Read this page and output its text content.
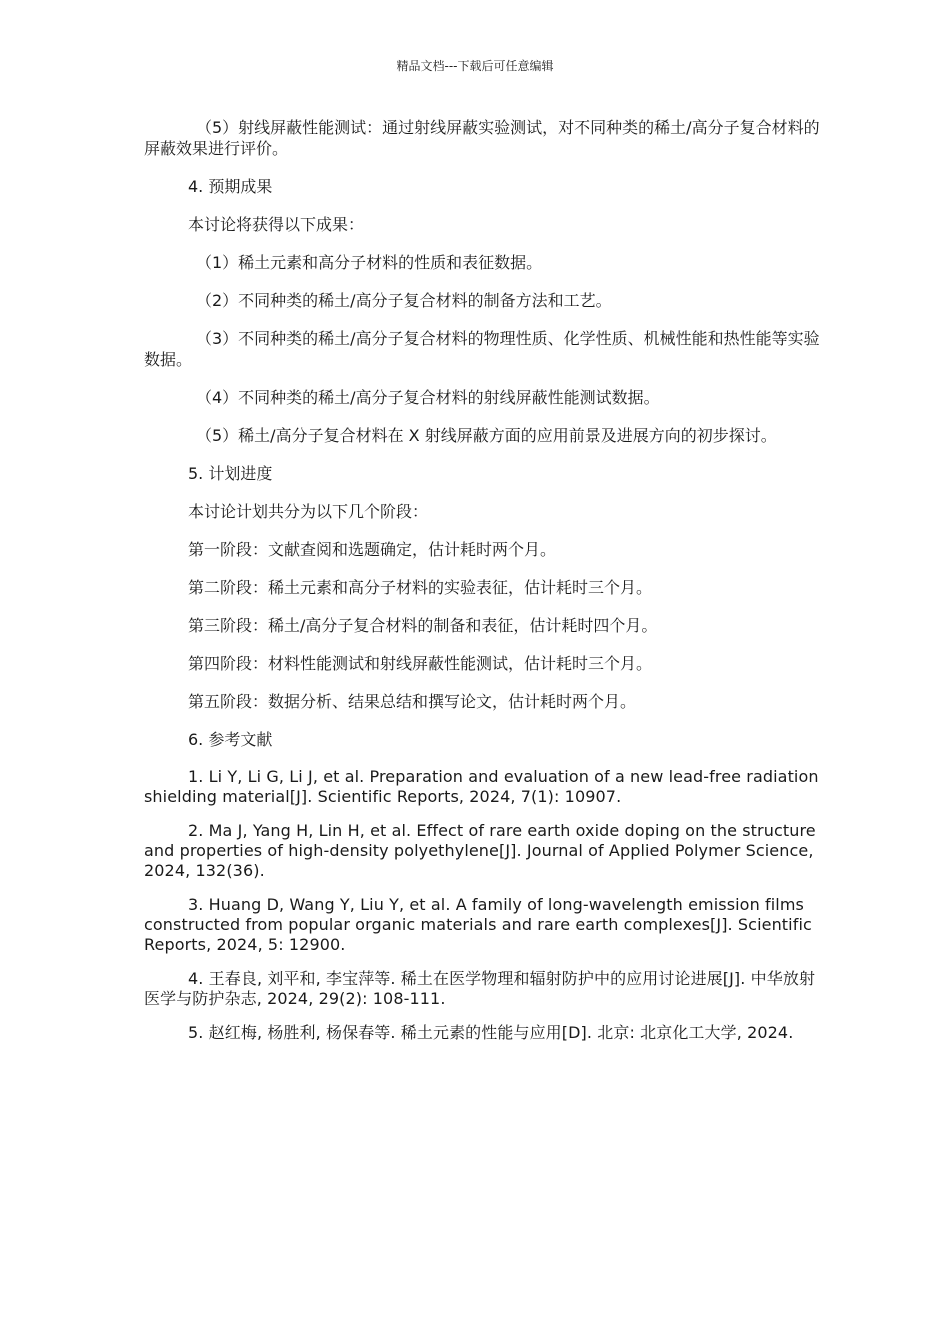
精品文档---下载后可任意编辑

（5）射线屏蔽性能测试：通过射线屏蔽实验测试，对不同种类的稀土/高分子复合材料的屏蔽效果进行评价。

4. 预期成果

本讨论将获得以下成果：

（1）稀土元素和高分子材料的性质和表征数据。

（2）不同种类的稀土/高分子复合材料的制备方法和工艺。

（3）不同种类的稀土/高分子复合材料的物理性质、化学性质、机械性能和热性能等实验数据。

（4）不同种类的稀土/高分子复合材料的射线屏蔽性能测试数据。

（5）稀土/高分子复合材料在 X 射线屏蔽方面的应用前景及进展方向的初步探讨。

5. 计划进度

本讨论计划共分为以下几个阶段：

第一阶段：文献查阅和选题确定，估计耗时两个月。

第二阶段：稀土元素和高分子材料的实验表征，估计耗时三个月。

第三阶段：稀土/高分子复合材料的制备和表征，估计耗时四个月。

第四阶段：材料性能测试和射线屏蔽性能测试，估计耗时三个月。

第五阶段：数据分析、结果总结和撰写论文，估计耗时两个月。

6. 参考文献

1. Li Y, Li G, Li J, et al. Preparation and evaluation of a new lead-free radiation shielding material[J]. Scientific Reports, 2024, 7(1): 10907.

2. Ma J, Yang H, Lin H, et al. Effect of rare earth oxide doping on the structure and properties of high-density polyethylene[J]. Journal of Applied Polymer Science, 2024, 132(36).

3. Huang D, Wang Y, Liu Y, et al. A family of long-wavelength emission films constructed from popular organic materials and rare earth complexes[J]. Scientific Reports, 2024, 5: 12900.

4. 王春良, 刘平和, 李宝萍等. 稀土在医学物理和辐射防护中的应用讨论进展[J]. 中华放射医学与防护杂志, 2024, 29(2): 108-111.

5. 赵红梅, 杨胜利, 杨保春等. 稀土元素的性能与应用[D]. 北京: 北京化工大学, 2024.
